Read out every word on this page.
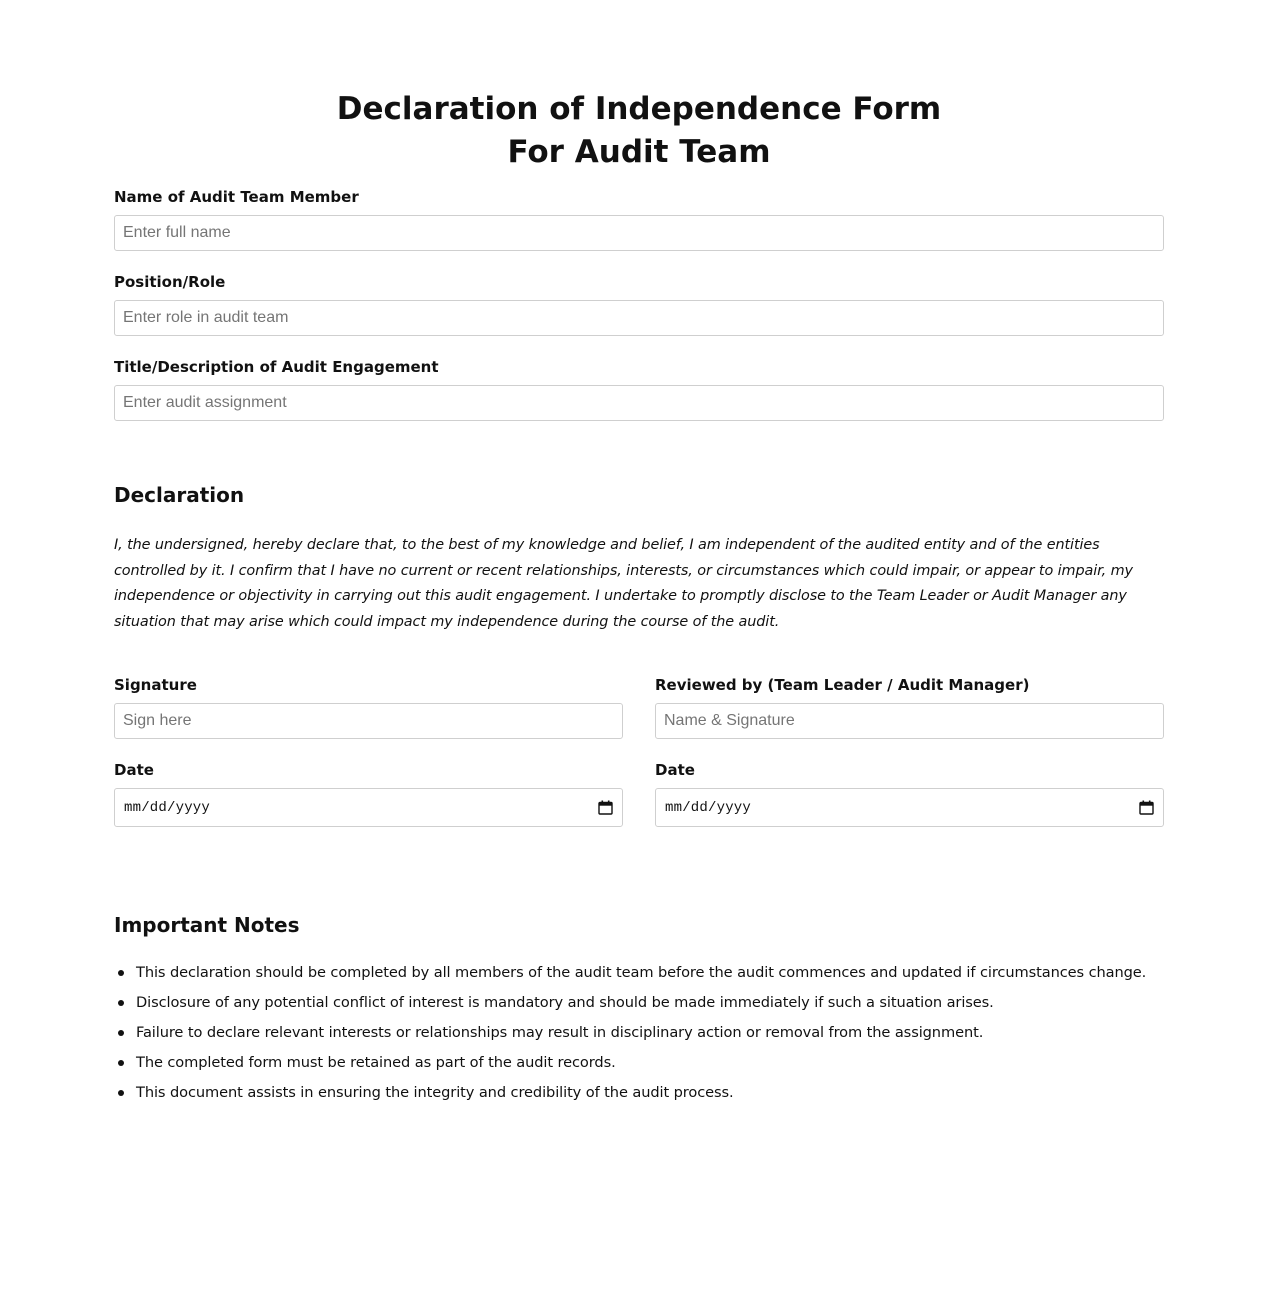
Declaration of Independence Form
For Audit Team
Name of Audit Team Member
Enter full name
Position/Role
Enter role in audit team
Title/Description of Audit Engagement
Enter audit assignment
Declaration

I, the undersigned, hereby declare that, to the best of my knowledge and belief, I am independent of the audited entity and of the entities controlled by it. I confirm that I have no current or recent relationships, interests, or circumstances which could impair, or appear to impair, my independence or objectivity in carrying out this audit engagement. I undertake to promptly disclose to the Team Leader or Audit Manager any situation that may arise which could impact my independence during the course of the audit.

Signature
Sign here
Reviewed by (Team Leader / Audit Manager)
Name & Signature
Date
mm/dd/yyyy
Date
mm/dd/yyyy
Important Notes
This declaration should be completed by all members of the audit team before the audit commences and updated if circumstances change.
Disclosure of any potential conflict of interest is mandatory and should be made immediately if such a situation arises.
Failure to declare relevant interests or relationships may result in disciplinary action or removal from the assignment.
The completed form must be retained as part of the audit records.
This document assists in ensuring the integrity and credibility of the audit process.
